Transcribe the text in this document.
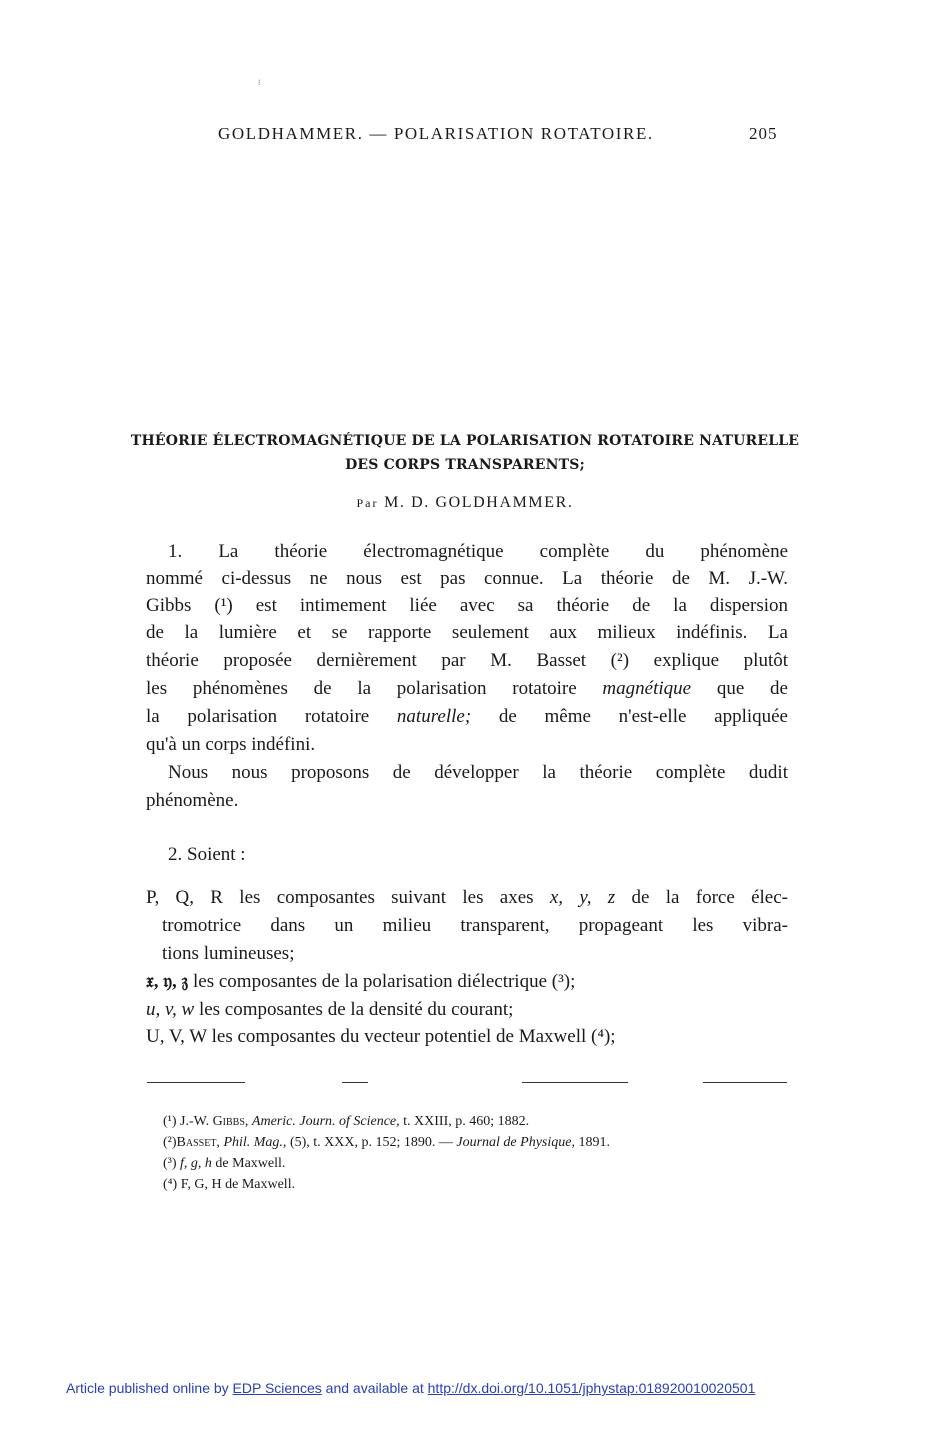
⁝
GOLDHAMMER. — POLARISATION ROTATOIRE.	205
THÉORIE ÉLECTROMAGNÉTIQUE DE LA POLARISATION ROTATOIRE NATURELLE
DES CORPS TRANSPARENTS;
Par M. D. GOLDHAMMER.
1. La théorie électromagnétique complète du phénomène
nommé ci-dessus ne nous est pas connue. La théorie de M. J.-W.
Gibbs (¹) est intimement liée avec sa théorie de la dispersion
de la lumière et se rapporte seulement aux milieux indéfinis. La
théorie proposée dernièrement par M. Basset (²) explique plutôt
les phénomènes de la polarisation rotatoire magnétique que de
la polarisation rotatoire naturelle; de même n'est-elle appliquée
qu'à un corps indéfini.
Nous nous proposons de développer la théorie complète dudit
phénomène.
2. Soient :
P, Q, R les composantes suivant les axes x, y, z de la force élec-
tromotrice dans un milieu transparent, propageant les vibra-
tions lumineuses;
𝔵, 𝔶, 𝔷 les composantes de la polarisation diélectrique (³);
u, v, w les composantes de la densité du courant;
U, V, W les composantes du vecteur potentiel de Maxwell (⁴);
(¹) J.-W. Gibbs, Americ. Journ. of Science, t. XXIII, p. 460; 1882.
(²)Basset, Phil. Mag., (5), t. XXX, p. 152; 1890. — Journal de Physique, 1891.
(³) f, g, h de Maxwell.
(⁴) F, G, H de Maxwell.
Article published online by EDP Sciences and available at http://dx.doi.org/10.1051/jphystap:018920010020501
